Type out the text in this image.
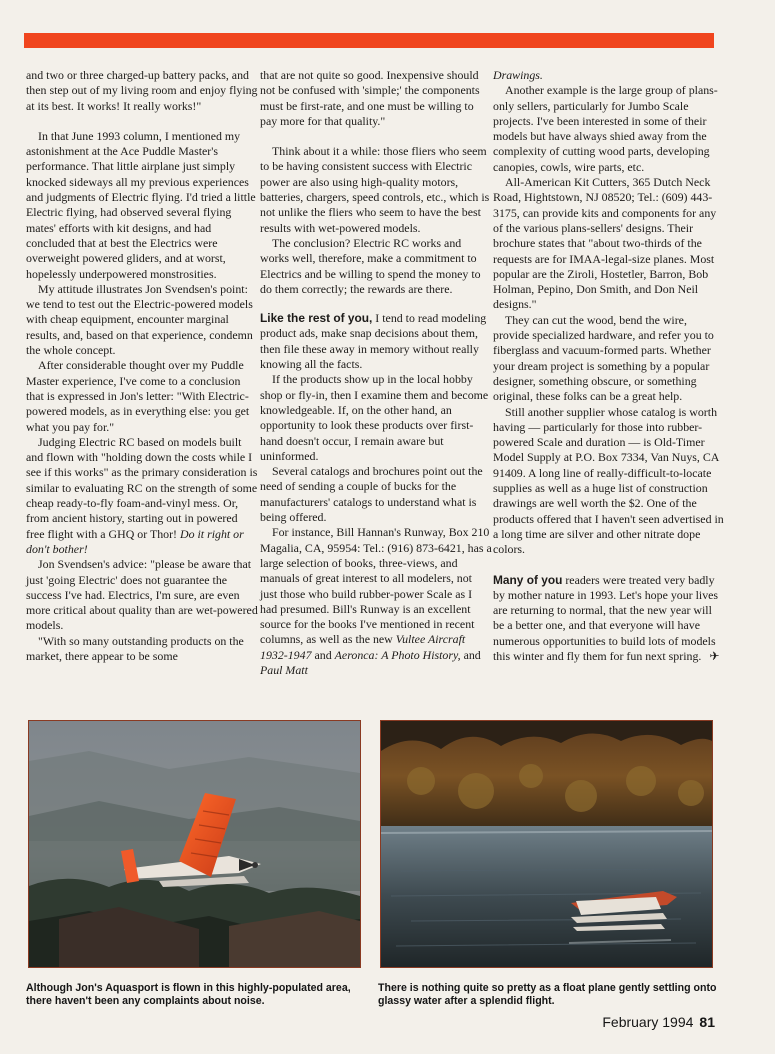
and two or three charged-up battery packs, and then step out of my living room and enjoy flying at its best. It works! It really works!"

In that June 1993 column, I mentioned my astonishment at the Ace Puddle Master's performance. That little airplane just simply knocked sideways all my previous experiences and judgments of Electric flying. I'd tried a little Electric flying, had observed several flying mates' efforts with kit designs, and had concluded that at best the Electrics were overweight powered gliders, and at worst, hopelessly underpowered monstrosities.

My attitude illustrates Jon Svendsen's point: we tend to test out the Electric-powered models with cheap equipment, encounter marginal results, and, based on that experience, condemn the whole concept.

After considerable thought over my Puddle Master experience, I've come to a conclusion that is expressed in Jon's letter: "With Electric-powered models, as in everything else: you get what you pay for."

Judging Electric RC based on models built and flown with "holding down the costs while I see if this works" as the primary consideration is similar to evaluating RC on the strength of some cheap ready-to-fly foam-and-vinyl mess. Or, from ancient history, starting out in powered free flight with a GHQ or Thor! Do it right or don't bother!

Jon Svendsen's advice: "please be aware that just 'going Electric' does not guarantee the success I've had. Electrics, I'm sure, are even more critical about quality than are wet-powered models.

"With so many outstanding products on the market, there appear to be some

that are not quite so good. Inexpensive should not be confused with 'simple;' the components must be first-rate, and one must be willing to pay more for that quality."

Think about it a while: those fliers who seem to be having consistent success with Electric power are also using high-quality motors, batteries, chargers, speed controls, etc., which is not unlike the fliers who seem to have the best results with wet-powered models.

The conclusion? Electric RC works and works well, therefore, make a commitment to Electrics and be willing to spend the money to do them correctly; the rewards are there.

Like the rest of you, I tend to read modeling product ads, make snap decisions about them, then file these away in memory without really knowing all the facts.

If the products show up in the local hobby shop or fly-in, then I examine them and become knowledgeable. If, on the other hand, an opportunity to look these products over first-hand doesn't occur, I remain aware but uninformed.

Several catalogs and brochures point out the need of sending a couple of bucks for the manufacturers' catalogs to understand what is being offered.

For instance, Bill Hannan's Runway, Box 210 Magalia, CA, 95954: Tel.: (916) 873-6421, has a large selection of books, three-views, and manuals of great interest to all modelers, not just those who build rubber-power Scale as I had presumed. Bill's Runway is an excellent source for the books I've mentioned in recent columns, as well as the new Vultee Aircraft 1932-1947 and Aeronca: A Photo History, and Paul Matt

Drawings.

Another example is the large group of plans-only sellers, particularly for Jumbo Scale projects. I've been interested in some of their models but have always shied away from the complexity of cutting wood parts, developing canopies, cowls, wire parts, etc.

All-American Kit Cutters, 365 Dutch Neck Road, Hightstown, NJ 08520; Tel.: (609) 443-3175, can provide kits and components for any of the various plans-sellers' designs. Their brochure states that "about two-thirds of the requests are for IMAA-legal-size planes. Most popular are the Ziroli, Hostetler, Barron, Bob Holman, Pepino, Don Smith, and Don Neil designs."

They can cut the wood, bend the wire, provide specialized hardware, and refer you to fiberglass and vacuum-formed parts. Whether your dream project is something by a popular designer, something obscure, or something original, these folks can be a great help.

Still another supplier whose catalog is worth having — particularly for those into rubber-powered Scale and duration — is Old-Timer Model Supply at P.O. Box 7334, Van Nuys, CA 91409. A long line of really-difficult-to-locate supplies as well as a huge list of construction drawings are well worth the $2. One of the products offered that I haven't seen advertised in a long time are silver and other nitrate dope colors.

Many of you readers were treated very badly by mother nature in 1993. Let's hope your lives are returning to normal, that the new year will be a better one, and that everyone will have numerous opportunities to build lots of models this winter and fly them for fun next spring. ✈

Although Jon's Aquasport is flown in this highly-populated area, there haven't been any complaints about noise.
There is nothing quite so pretty as a float plane gently settling onto glassy water after a splendid flight.
February 1994 81
